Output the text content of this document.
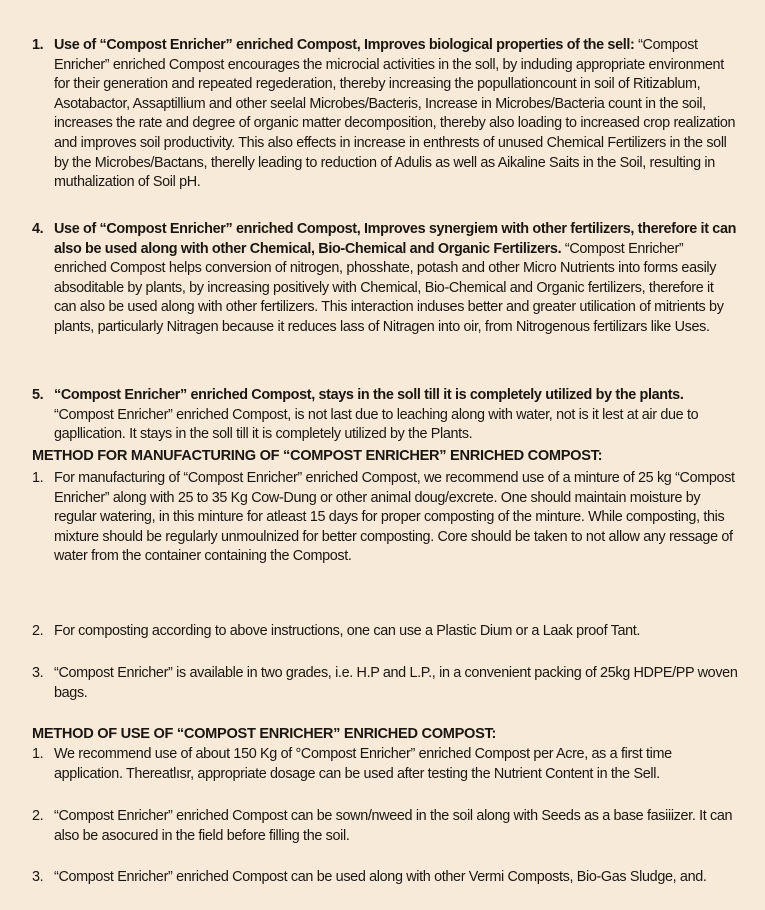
1. Use of “Compost Enricher” enriched Compost, Improves biological properties of the sell: “Compost Enricher” enriched Compost encourages the microcial activities in the soll, by induding appropriate environment for their generation and repeated regederation, thereby increasing the popullationcount in soil of Ritizablum, Asotabactor, Assaptillium and other seelal Microbes/Bacteris, Increase in Microbes/Bacteria count in the soil, increases the rate and degree of organic matter decomposition, thereby also loading to increased crop realization and improves soil productivity. This also effects in increase in enthrests of unused Chemical Fertilizers in the soll by the Microbes/Bactans, therelly leading to reduction of Adulis as well as Aikaline Saits in the Soil, resulting in muthalization of Soil pH.
4. Use of “Compost Enricher” enriched Compost, Improves synergiem with other fertilizers, therefore it can also be used along with other Chemical, Bio-Chemical and Organic Fertilizers. “Compost Enricher” enriched Compost helps conversion of nitrogen, phosshate, potash and other Micro Nutrients into forms easily absoditable by plants, by increasing positively with Chemical, Bio-Chemical and Organic fertilizers, therefore it can also be used along with other fertilizers. This interaction induses better and greater utilication of mitrients by plants, particularly Nitragen because it reduces lass of Nitragen into oir, from Nitrogenous fertilizars like Uses.
5. “Compost Enricher” enriched Compost, stays in the soll till it is completely utilized by the plants. “Compost Enricher” enriched Compost, is not last due to leaching along with water, not is it lest at air due to gapllication. It stays in the soll till it is completely utilized by the Plants.
METHOD FOR MANUFACTURING OF “COMPOST ENRICHER” ENRICHED COMPOST:
1. For manufacturing of “Compost Enricher” enriched Compost, we recommend use of a minture of 25 kg “Compost Enricher” along with 25 to 35 Kg Cow-Dung or other animal doug/excrete. One should maintain moisture by regular watering, in this minture for atleast 15 days for proper composting of the minture. While composting, this mixture should be regularly unmoulnized for better composting. Core should be taken to not allow any ressage of water from the container containing the Compost.
2. For composting according to above instructions, one can use a Plastic Dium or a Laak proof Tant.
3. “Compost Enricher” is available in two grades, i.e. H.P and L.P., in a convenient packing of 25kg HDPE/PP woven bags.
METHOD OF USE OF “COMPOST ENRICHER” ENRICHED COMPOST:
1. We recommend use of about 150 Kg of °Compost Enricher” enriched Compost per Acre, as a first time application. Thereatlısr, appropriate dosage can be used after testing the Nutrient Content in the Sell.
2. “Compost Enricher” enriched Compost can be sown/nweed in the soil along with Seeds as a base fasiiizer. It can also be asocured in the field before filling the soil.
3. “Compost Enricher” enriched Compost can be used along with other Vermi Composts, Bio-Gas Sludge, and.
